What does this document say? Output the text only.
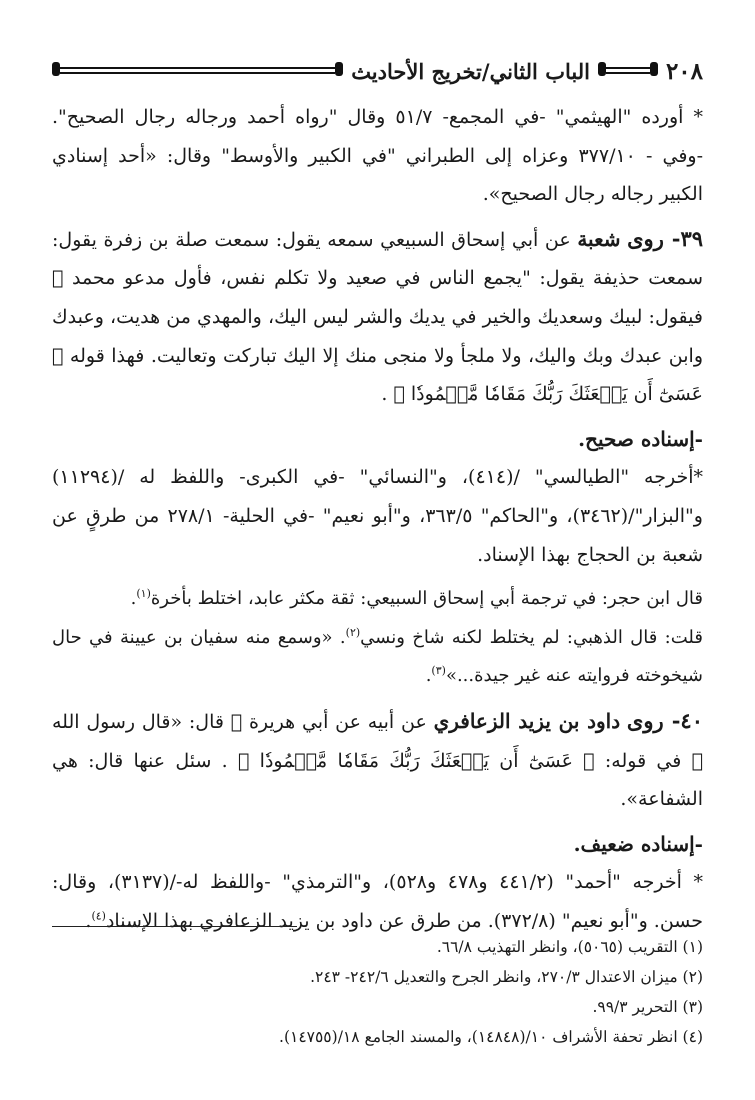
٢٠٨
الباب الثاني/تخريج الأحاديث

* أورده "الهيثمي" -في المجمع- ٥١/٧ وقال "رواه أحمد ورجاله رجال الصحيح". -وفي - ٣٧٧/١٠ وعزاه إلى الطبراني "في الكبير والأوسط" وقال: «أحد إسنادي الكبير رجاله رجال الصحيح».

٣٩- روى شعبة عن أبي إسحاق السبيعي سمعه يقول: سمعت صلة بن زفرة يقول: سمعت حذيفة يقول: "يجمع الناس في صعيد ولا تكلم نفس، فأول مدعو محمد ﷺ فيقول: لبيك وسعديك والخير في يديك والشر ليس اليك، والمهدي من هديت، وعبدك وابن عبدك وبك واليك، ولا ملجأ ولا منجى منك إلا اليك تباركت وتعاليت. فهذا قوله ﴿ عَسَىٰٓ أَن يَبۡعَثَكَ رَبُّكَ مَقَامٗا مَّحۡمُودٗا ﴾ .

-إسناده صحيح.

*أخرجه "الطيالسي" /(٤١٤)، و"النسائي" -في الكبرى- واللفظ له /(١١٢٩٤) و"البزار"/(٣٤٦٢)، و"الحاكم" ٣٦٣/٥، و"أبو نعيم" -في الحلية- ٢٧٨/١ من طرقٍ عن شعبة بن الحجاج بهذا الإسناد.

قال ابن حجر: في ترجمة أبي إسحاق السبيعي: ثقة مكثر عابد، اختلط بأخرة$^{(١)}$.

قلت: قال الذهبي: لم يختلط لكنه شاخ ونسي$^{(٢)}$. «وسمع منه سفيان بن عيينة في حال شيخوخته فروايته عنه غير جيدة...»$^{(٣)}$.

٤٠- روى داود بن يزيد الزعافري عن أبيه عن أبي هريرة ﷺ قال: «قال رسول الله ﷺ في قوله: ﴿ عَسَىٰٓ أَن يَبۡعَثَكَ رَبُّكَ مَقَامٗا مَّحۡمُودٗا ﴾ . سئل عنها قال: هي الشفاعة».

-إسناده ضعيف.

* أخرجه "أحمد" (٤٤١/٢ و٤٧٨ و٥٢٨)، و"الترمذي" -واللفظ له-/(٣١٣٧)، وقال: حسن. و"أبو نعيم" (٣٧٢/٨). من طرق عن داود بن يزيد الزعافري بهذا الإسناد$^{(٤)}$.

(١) التقريب (٥٠٦٥)، وانظر التهذيب ٦٦/٨.

(٢) ميزان الاعتدال ٢٧٠/٣، وانظر الجرح والتعديل ٢٤٢/٦- ٢٤٣.

(٣) التحرير ٩٩/٣.

(٤) انظر تحفة الأشراف ١٠/(١٤٨٤٨)، والمسند الجامع ١٨/(١٤٧٥٥).
